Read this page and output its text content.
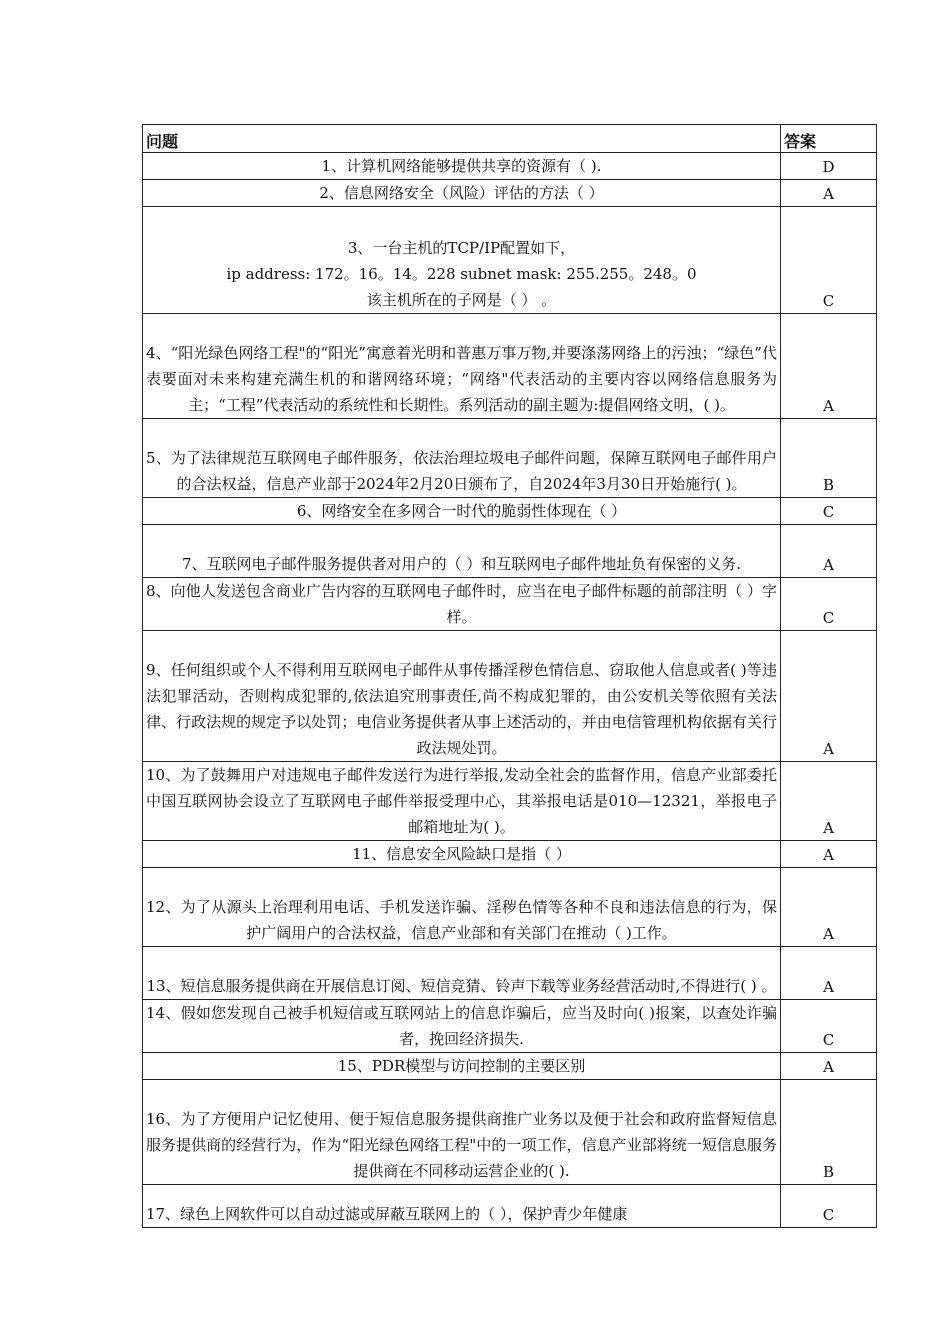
问题	答案
1、计算机网络能够提供共享的资源有（ ).	D
2、信息网络安全（风险）评估的方法（ ）	A

3、一台主机的TCP/IP配置如下，
ip address: 172。16。14。228 subnet mask: 255.255。248。0
该主机所在的子网是（ ） 。	C
4、“阳光绿色网络工程"的“阳光”寓意着光明和普惠万事万物,并要涤荡网络上的污浊；“绿色”代表要面对未来构建充满生机的和谐网络环境；“网络"代表活动的主要内容以网络信息服务为主；“工程”代表活动的系统性和长期性。系列活动的副主题为:提倡网络文明，( )。	A
5、为了法律规范互联网电子邮件服务，依法治理垃圾电子邮件问题，保障互联网电子邮件用户的合法权益，信息产业部于2024年2月20日颁布了，自2024年3月30日开始施行( )。	B
6、网络安全在多网合一时代的脆弱性体现在（ ）	C
7、互联网电子邮件服务提供者对用户的（ ）和互联网电子邮件地址负有保密的义务.	A
8、向他人发送包含商业广告内容的互联网电子邮件时，应当在电子邮件标题的前部注明（ ）字样。	C
9、任何组织或个人不得利用互联网电子邮件从事传播淫秽色情信息、窃取他人信息或者( )等违法犯罪活动，否则构成犯罪的,依法追究刑事责任,尚不构成犯罪的，由公安机关等依照有关法律、行政法规的规定予以处罚；电信业务提供者从事上述活动的，并由电信管理机构依据有关行政法规处罚。	A
10、为了鼓舞用户对违规电子邮件发送行为进行举报,发动全社会的监督作用，信息产业部委托中国互联网协会设立了互联网电子邮件举报受理中心，其举报电话是010—12321，举报电子邮箱地址为( )。	A
11、信息安全风险缺口是指（ ）	A
12、为了从源头上治理利用电话、手机发送诈骗、淫秽色情等各种不良和违法信息的行为，保护广阔用户的合法权益，信息产业部和有关部门在推动（ )工作。	A
13、短信息服务提供商在开展信息订阅、短信竞猜、铃声下载等业务经营活动时,不得进行( ) 。	A
14、假如您发现自己被手机短信或互联网站上的信息诈骗后，应当及时向( )报案，以查处诈骗者，挽回经济损失.	C
15、PDR模型与访问控制的主要区别	A
16、为了方便用户记忆使用、便于短信息服务提供商推广业务以及便于社会和政府监督短信息服务提供商的经营行为，作为“阳光绿色网络工程"中的一项工作，信息产业部将统一短信息服务提供商在不同移动运营企业的( ).	B
17、绿色上网软件可以自动过滤或屏蔽互联网上的（ ），保护青少年健康	C
